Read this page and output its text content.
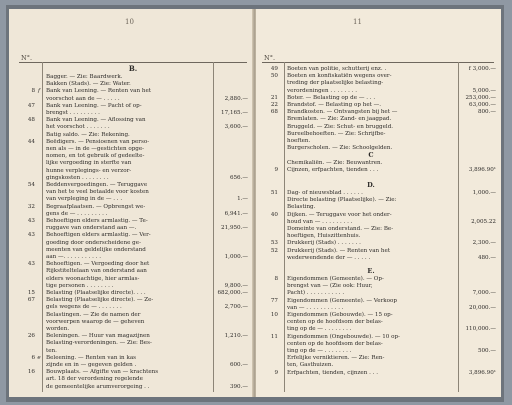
10
N°.
B.
Bagger. — Zie: Baardwerk.
Bakken (Stads). — Zie: Water.
8 f	Bank van Leening. — Renten van het
voorschot aan de — . . . . .	2,880.—
47 Bank van Leening. — Pacht of op-
brengst . . . . . . . . .	17,165.—
48 Bank van Leening. — Aflossing van
het voorschot . . . . . . .	3,600.—
Batig saldo. — Zie: Rekening.
44 Beëdigers. — Pensioenen van perso-
nen als — in de —gestichten opge-
nomen, en tot gebruik of gedeelte-
lijke vergoeding in sterfte van
hunne verplegings- en verzor-
gingskosten . . . . . . . .	656.—
54 Beddenvergoedingen. — Teruggave
van het te veel betaalde voor kosten
van verpleging in de — . . .	1.—
32 Begraafplaatsen. — Opbrengst we-
gens de — . . . . . . . . .	6,941.—
43 Behoeftigen elders armlastig. — Te-
ruggave van onderstand aan —.	21,950.—
43 Behoeftigen elders armlastig. — Ver-
goeding door onderscheidene ge-
meenten van geldelijke onderstand
aan —. . . . . . . . . . .	1,000.—
43 Behoeftigen. — Vergoeding door het
Rijkstiteltelaan van onderstand aan
elders woonachtige, hier armlas-
tige personen . . . . . . . .	9,800.—
15 Belasting (Plaatselijke directe). . . .	682,000.—
67 Belasting (Plaatselijke directe). — Ze-
gels wegens de — . . . . . . .	2,700.—
Belastingen. — Zie de namen der
voorwerpen waarop de — geheven
worden.
26 Beleningen. — Huur van magazijnen	1,210.—
Belasting-verordeningen. — Zie: Bes-
ten.
6 e Beleening. — Renten van in kas
zijnde en in — gegeven gelden .	600.—
16 Bouwplaats. — Afgifte van — krachtens
art. 18 der verordening regelende
de gemeentelijke arumverorgeing . .	390.—
11
N°.
49 Boeten van politie, schutterij enz. .	f 3,000.—
50 Boeten en konfiskatiën wegens over-
treding der plaatselijke belasting-
verordeningen . . . . . . . .	5,000.—
21 Boter. — Belasting op de — . . .	253,000.—
22 Brandstof. — Belasting op het —.	63,000.—
68 Brandkosten. — Ontvangsten bij het —	800.—
Bremlaten. — Zie: Zand- en jaagpad.
Bruggeld. — Zie: Schut- en bruggeld.
Bureelbehoeften. — Zie: Schrijfbe-
hoeften.
Burgerscholen. — Zie: Schoolgelden.
Chemikaliën. — Zie: Beuwantren.
9 Cijnzen, erfpachten, tienden . . .	3,896.90¹
51 Dag- of nieuwsblad . . . . . .	1,000.—
Directe belasting (Plaatselijke). — Zie:
Belasting.
40 Dijken. — Teruggave voor het onder-
houd van — . . . . . . . . .	2,005.22
Domeinte van onderstand. — Zie: Be-
hoeftigen, Huiszittenhuis.
53 Drukkerij (Stads) . . . . . . .	2,300.—
52 Drukkerij (Stads). — Renten van het
wederwendende der — . . . . .	480.—
8 Eigendommen (Gemeente). — Op-
brengst van — (Zie ook: Huur,
Pacht) . . . . . . . . . . .	7,000.—
77 Eigendommen (Gemeente). — Verkoop
van — . . . . . . . . . . .	20,000.—
10 Eigendommen (Gebouwde). — 15 op-
centen op de hoofdsom der belas-
ting op de — . . . . . . . .	110,000.—
11 Eigendommen (Ongebouwde). — 10 op-
centen op de hoofdsom der belas-
ting op de — . . . . . . . .	500.—
Erfelijke verniktieren. — Zie: Ren-
ten, Gasthuizen.
9 Erfpachten, tienden, cijnzen . . .	3,896.90¹
C
D.
E.
